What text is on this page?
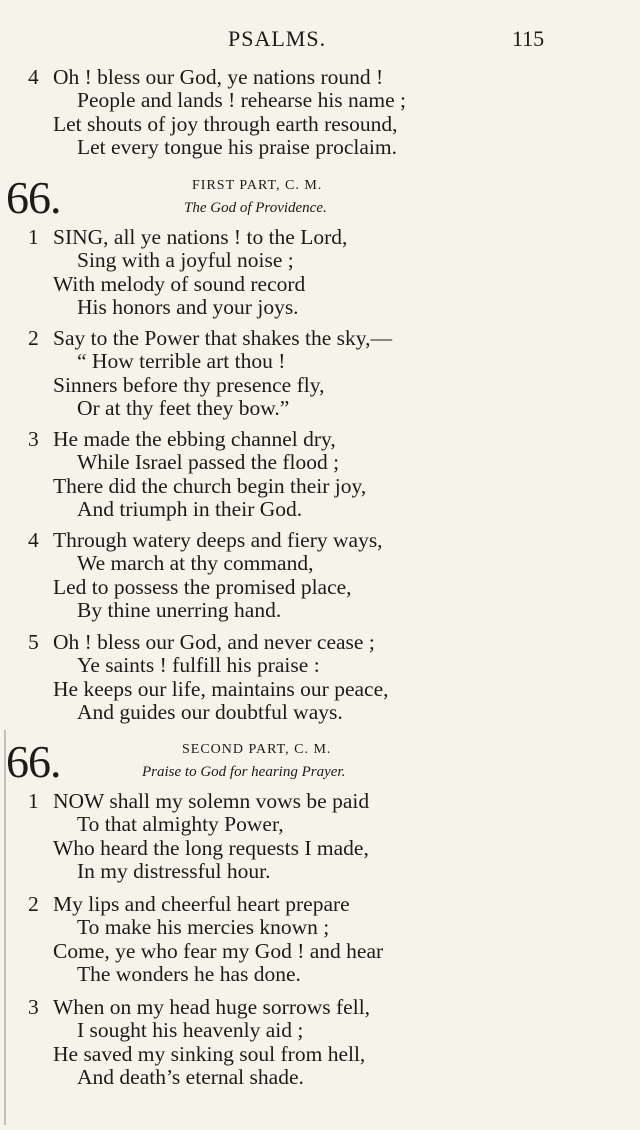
PSALMS.	115
4 Oh ! bless our God, ye nations round !
People and lands ! rehearse his name ;
Let shouts of joy through earth resound,
Let every tongue his praise proclaim.
66.	FIRST PART, C. M.
The God of Providence.
1 SING, all ye nations ! to the Lord,
Sing with a joyful noise ;
With melody of sound record
His honors and your joys.
2 Say to the Power that shakes the sky,—
“ How terrible art thou !
Sinners before thy presence fly,
Or at thy feet they bow.”
3 He made the ebbing channel dry,
While Israel passed the flood ;
There did the church begin their joy,
And triumph in their God.
4 Through watery deeps and fiery ways,
We march at thy command,
Led to possess the promised place,
By thine unerring hand.
5 Oh ! bless our God, and never cease ;
Ye saints ! fulfill his praise :
He keeps our life, maintains our peace,
And guides our doubtful ways.
66.	SECOND PART, C. M.
Praise to God for hearing Prayer.
1 NOW shall my solemn vows be paid
To that almighty Power,
Who heard the long requests I made,
In my distressful hour.
2 My lips and cheerful heart prepare
To make his mercies known ;
Come, ye who fear my God ! and hear
The wonders he has done.
3 When on my head huge sorrows fell,
I sought his heavenly aid ;
He saved my sinking soul from hell,
And death’s eternal shade.
